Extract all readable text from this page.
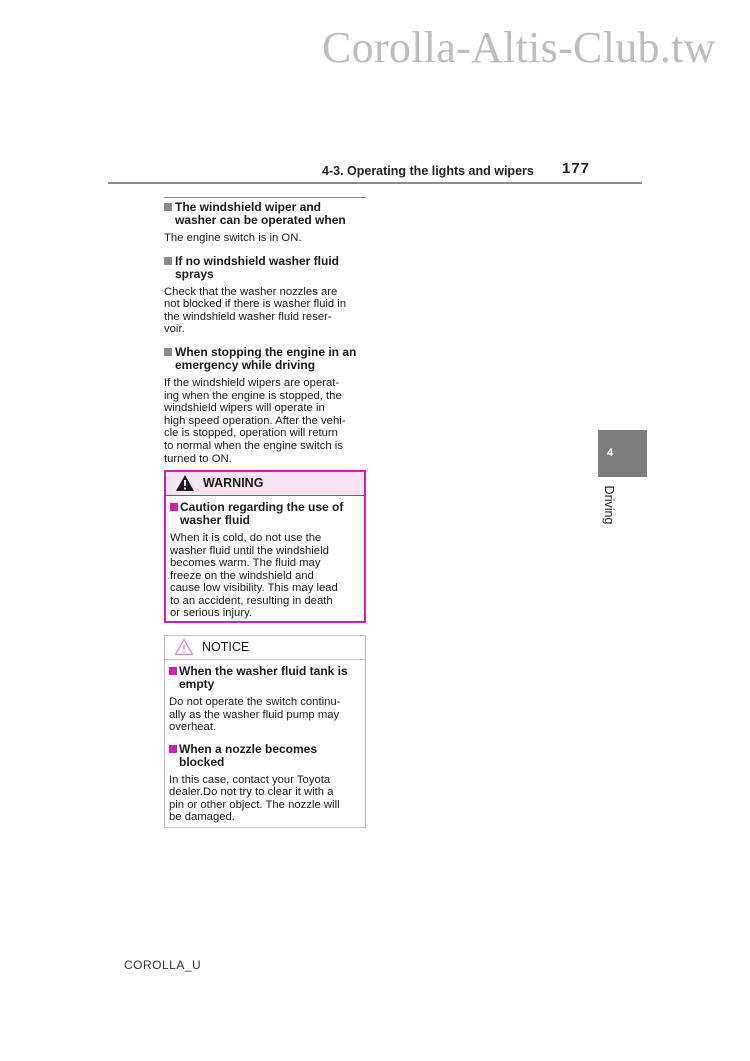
Corolla-Altis-Club.tw
4-3. Operating the lights and wipers 177
The windshield wiper and
washer can be operated when
The engine switch is in ON.
If no windshield washer fluid
sprays
Check that the washer nozzles are
not blocked if there is washer fluid in
the windshield washer fluid reser-
voir.
When stopping the engine in an
emergency while driving
If the windshield wipers are operat-
ing when the engine is stopped, the
windshield wipers will operate in
high speed operation. After the vehi-
cle is stopped, operation will return
to normal when the engine switch is
turned to ON.
WARNING
Caution regarding the use of
washer fluid
When it is cold, do not use the
washer fluid until the windshield
becomes warm. The fluid may
freeze on the windshield and
cause low visibility. This may lead
to an accident, resulting in death
or serious injury.
NOTICE
When the washer fluid tank is
empty
Do not operate the switch continu-
ally as the washer fluid pump may
overheat.
When a nozzle becomes
blocked
In this case, contact your Toyota
dealer.Do not try to clear it with a
pin or other object. The nozzle will
be damaged.
4
Driving
COROLLA_U
